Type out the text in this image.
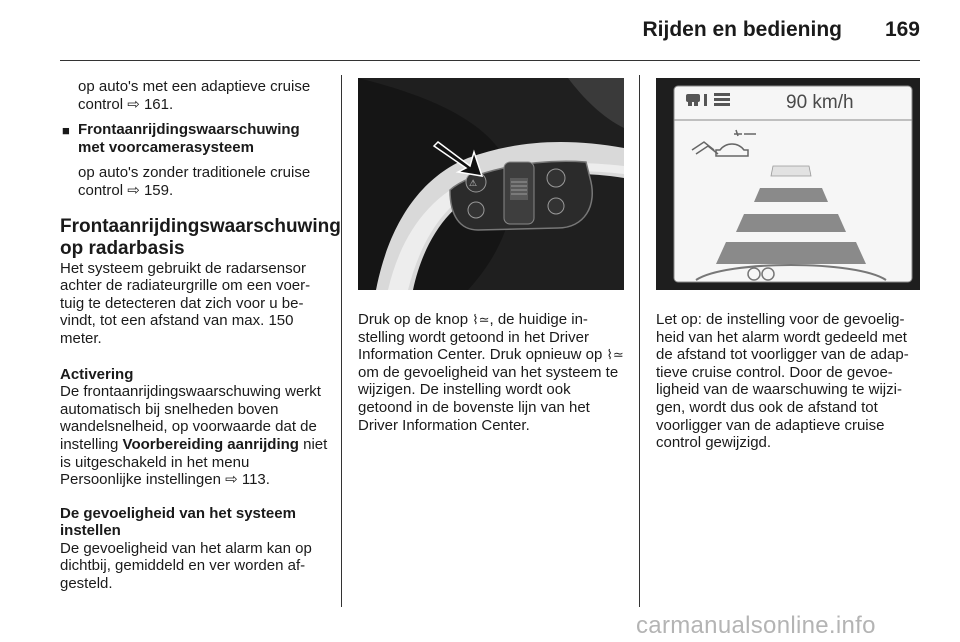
Rijden en bediening 169

op auto's met een adaptieve cruise control ⇨ 161.

■ Frontaanrijdingswaarschuwing met voorcamerasysteem

op auto's zonder traditionele cruise control ⇨ 159.

Frontaanrijdingswaarschuwing op radarbasis

Het systeem gebruikt de radarsensor achter de radiateurgrille om een voertuig te detecteren dat zich voor u bevindt, tot een afstand van max. 150 meter.

Activering

De frontaanrijdingswaarschuwing werkt automatisch bij snelheden boven wandelsnelheid, op voorwaarde dat de instelling Voorbereiding aanrijding niet is uitgeschakeld in het menu Persoonlijke instellingen ⇨ 113.

De gevoeligheid van het systeem instellen

De gevoeligheid van het alarm kan op dichtbij, gemiddeld en ver worden afgesteld.

⚠

Druk op de knop ⌇≃, de huidige instelling wordt getoond in het Driver Information Center. Druk opnieuw op ⌇≃ om de gevoeligheid van het systeem te wijzigen. De instelling wordt ook getoond in de bovenste lijn van het Driver Information Center.

90 km/h

Let op: de instelling voor de gevoeligheid van het alarm wordt gedeeld met de afstand tot voorligger van de adaptieve cruise control. Door de gevoeligheid van de waarschuwing te wijzigen, wordt dus ook de afstand tot voorligger van de adaptieve cruise control gewijzigd.

carmanualsonline.info
